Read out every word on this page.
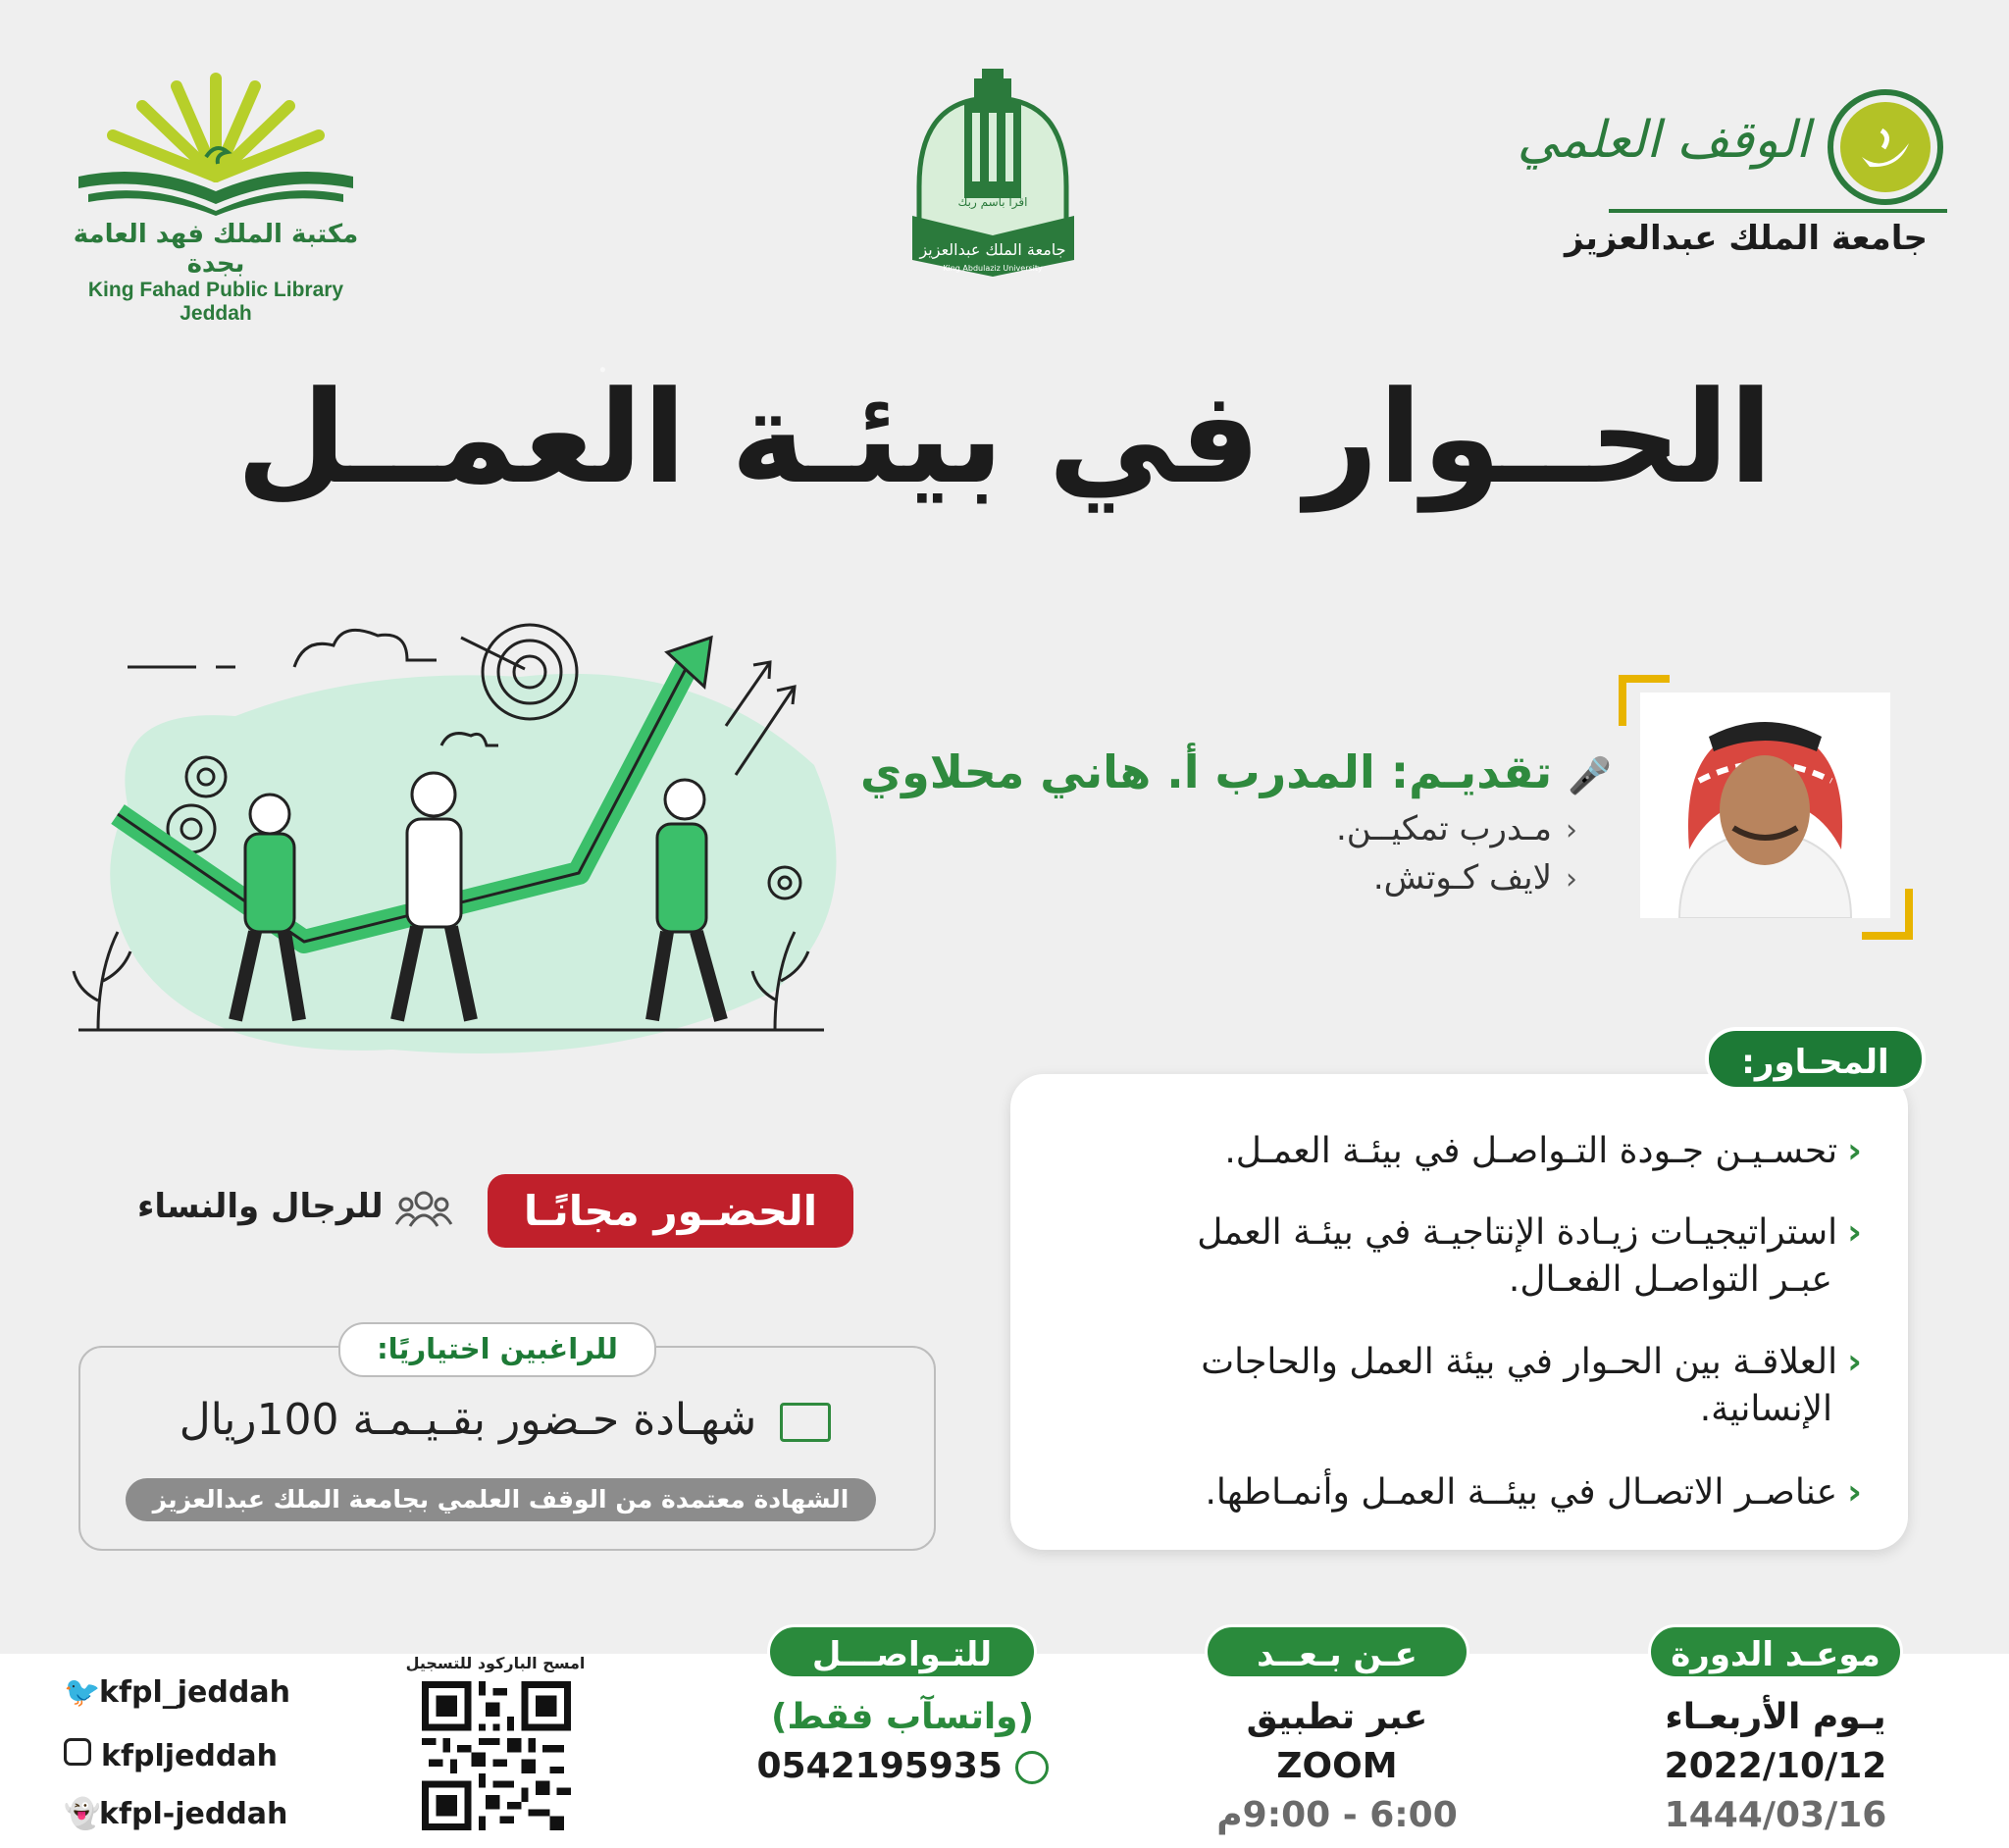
مكتبة الملك فهد العامة بجدة
King Fahad Public Library Jeddah
جامعة الملك عبدالعزيز
اقرأ باسم ربك
King Abdulaziz University
الوقف العلمي
جامعة الملك عبدالعزيز
الحــوار في بيئـة العمــل
🎤 تقديـم: المدرب أ. هاني محلاوي
‹مـدرب تمكيــن.
‹لايف كـوتش.
المحـاور:
‹تحسـيـن جـودة التـواصـل في بيئـة العمـل.
‹استراتيجيـات زيـادة الإنتاجيـة في بيئـة العمل
عبـر التواصـل الفعـال.
‹العلاقـة بين الحـوار في بيئة العمل والحاجات
الإنسانية.
‹عناصـر الاتصـال في بيئــة العمـل وأنمـاطها.
الحضـور مجانًـا
للرجال والنساء
للراغبين اختياريًا:
شهـادة حـضور بقـيـمـة 100ريال
الشهادة معتمدة من الوقف العلمي بجامعة الملك عبدالعزيز
موعـد الدورة
يـوم الأربعـاء
2022/10/12
1444/03/16
عـن بـعــد
عبر تطبيق
ZOOM
6:00 - 9:00م
للتـواصـــل
(واتسآب فقط)
0542195935
امسح الباركود للتسجيل
🐦kfpl_jeddah
kfpljeddah
👻kfpl-jeddah
